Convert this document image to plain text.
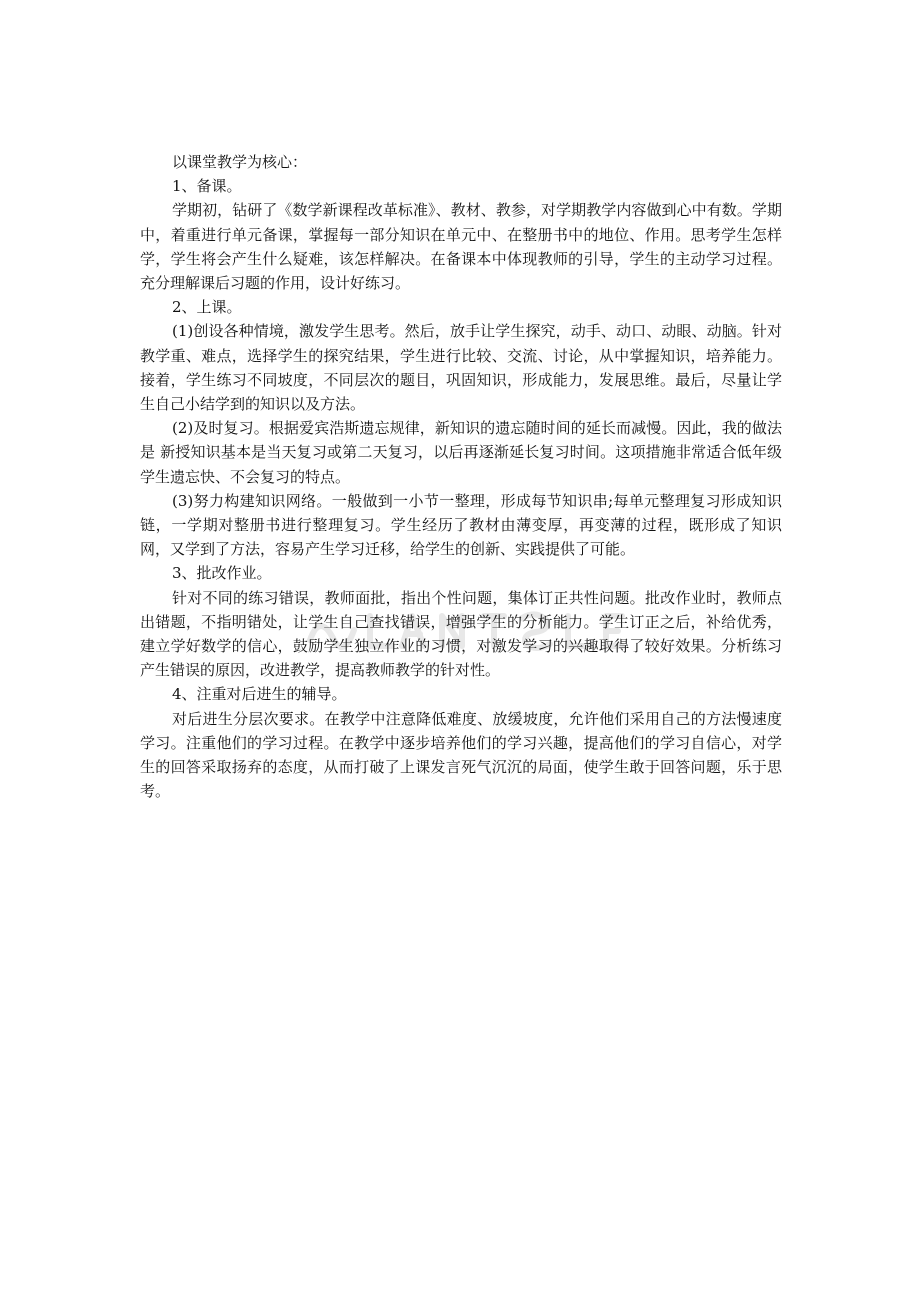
以课堂教学为核心：

1、备课。

学期初，钻研了《数学新课程改革标准》、教材、教参，对学期教学内容做到心中有数。学期中，着重进行单元备课，掌握每一部分知识在单元中、在整册书中的地位、作用。思考学生怎样学，学生将会产生什么疑难，该怎样解决。在备课本中体现教师的引导，学生的主动学习过程。充分理解课后习题的作用，设计好练习。

2、上课。

(1)创设各种情境，激发学生思考。然后，放手让学生探究，动手、动口、动眼、动脑。针对教学重、难点，选择学生的探究结果，学生进行比较、交流、讨论，从中掌握知识，培养能力。接着，学生练习不同坡度，不同层次的题目，巩固知识，形成能力，发展思维。最后，尽量让学生自己小结学到的知识以及方法。

(2)及时复习。根据爱宾浩斯遗忘规律，新知识的遗忘随时间的延长而减慢。因此，我的做法是 新授知识基本是当天复习或第二天复习，以后再逐渐延长复习时间。这项措施非常适合低年级学生遗忘快、不会复习的特点。

(3)努力构建知识网络。一般做到一小节一整理，形成每节知识串;每单元整理复习形成知识链，一学期对整册书进行整理复习。学生经历了教材由薄变厚，再变薄的过程，既形成了知识网，又学到了方法，容易产生学习迁移，给学生的创新、实践提供了可能。

3、批改作业。

针对不同的练习错误，教师面批，指出个性问题，集体订正共性问题。批改作业时，教师点出错题，不指明错处，让学生自己查找错误，增强学生的分析能力。学生订正之后，补给优秀，建立学好数学的信心，鼓励学生独立作业的习惯，对激发学习的兴趣取得了较好效果。分析练习产生错误的原因，改进教学，提高教师教学的针对性。

4、注重对后进生的辅导。

对后进生分层次要求。在教学中注意降低难度、放缓坡度，允许他们采用自己的方法慢速度学习。注重他们的学习过程。在教学中逐步培养他们的学习兴趣，提高他们的学习自信心，对学生的回答采取扬弃的态度，从而打破了上课发言死气沉沉的局面，使学生敢于回答问题，乐于思考。
